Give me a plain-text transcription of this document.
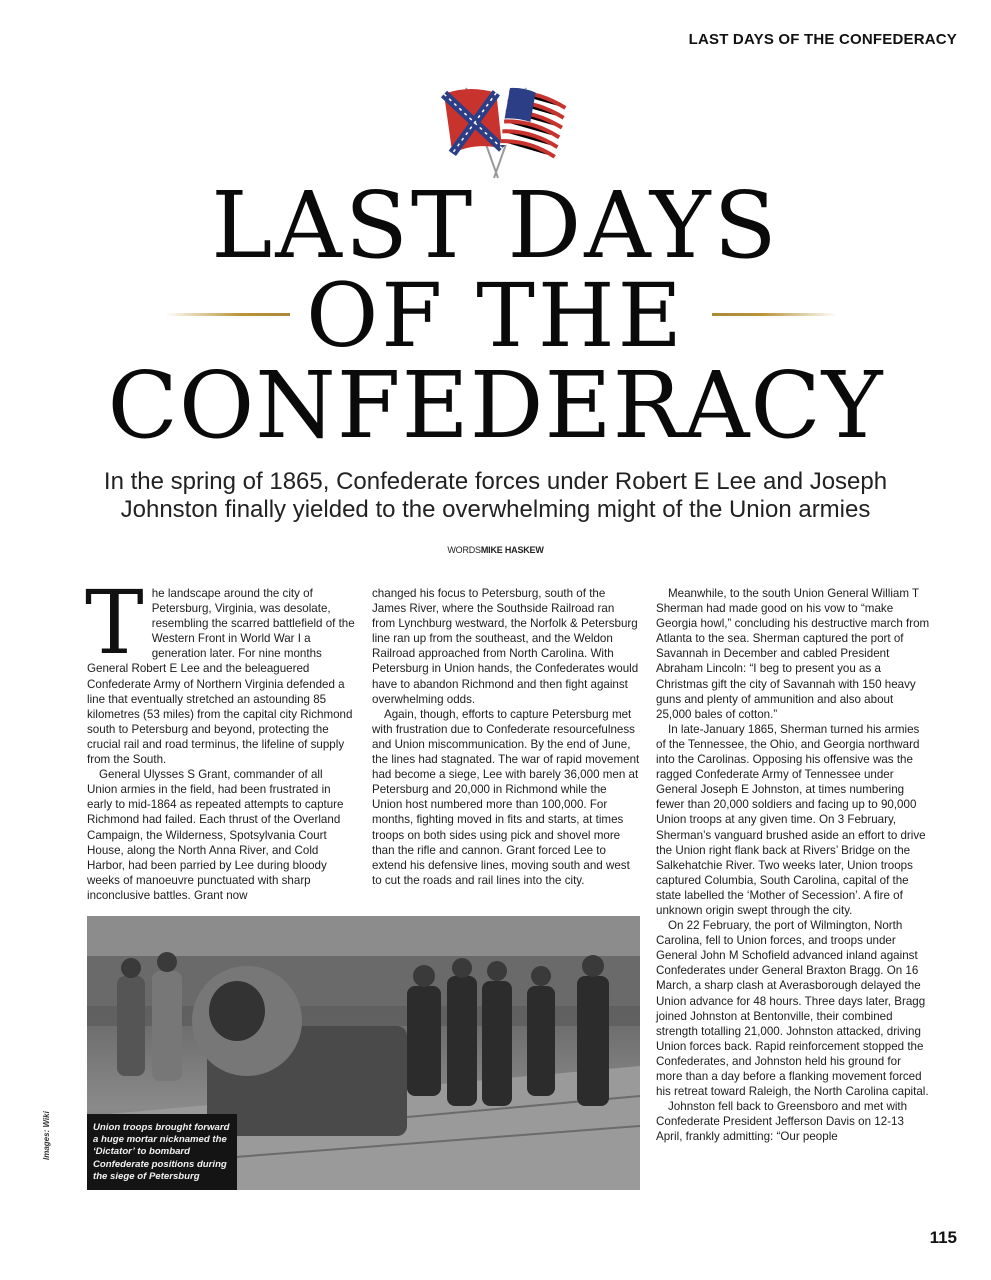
LAST DAYS OF THE CONFEDERACY
LAST DAYS
OF THE
CONFEDERACY
In the spring of 1865, Confederate forces under Robert E Lee and Joseph Johnston finally yielded to the overwhelming might of the Union armies
WORDSMIKE HASKEW

The landscape around the city of Petersburg, Virginia, was desolate, resembling the scarred battlefield of the Western Front in World War I a generation later. For nine months General Robert E Lee and the beleaguered Confederate Army of Northern Virginia defended a line that eventually stretched an astounding 85 kilometres (53 miles) from the capital city Richmond south to Petersburg and beyond, protecting the crucial rail and road terminus, the lifeline of supply from the South.

General Ulysses S Grant, commander of all Union armies in the field, had been frustrated in early to mid-1864 as repeated attempts to capture Richmond had failed. Each thrust of the Overland Campaign, the Wilderness, Spotsylvania Court House, along the North Anna River, and Cold Harbor, had been parried by Lee during bloody weeks of manoeuvre punctuated with sharp inconclusive battles. Grant now

changed his focus to Petersburg, south of the James River, where the Southside Railroad ran from Lynchburg westward, the Norfolk & Petersburg line ran up from the southeast, and the Weldon Railroad approached from North Carolina. With Petersburg in Union hands, the Confederates would have to abandon Richmond and then fight against overwhelming odds.

Again, though, efforts to capture Petersburg met with frustration due to Confederate resourcefulness and Union miscommunication. By the end of June, the lines had stagnated. The war of rapid movement had become a siege, Lee with barely 36,000 men at Petersburg and 20,000 in Richmond while the Union host numbered more than 100,000. For months, fighting moved in fits and starts, at times troops on both sides using pick and shovel more than the rifle and cannon. Grant forced Lee to extend his defensive lines, moving south and west to cut the roads and rail lines into the city.

Meanwhile, to the south Union General William T Sherman had made good on his vow to “make Georgia howl,” concluding his destructive march from Atlanta to the sea. Sherman captured the port of Savannah in December and cabled President Abraham Lincoln: “I beg to present you as a Christmas gift the city of Savannah with 150 heavy guns and plenty of ammunition and also about 25,000 bales of cotton.”

In late-January 1865, Sherman turned his armies of the Tennessee, the Ohio, and Georgia northward into the Carolinas. Opposing his offensive was the ragged Confederate Army of Tennessee under General Joseph E Johnston, at times numbering fewer than 20,000 soldiers and facing up to 90,000 Union troops at any given time. On 3 February, Sherman’s vanguard brushed aside an effort to drive the Union right flank back at Rivers’ Bridge on the Salkehatchie River. Two weeks later, Union troops captured Columbia, South Carolina, capital of the state labelled the ‘Mother of Secession’. A fire of unknown origin swept through the city.

On 22 February, the port of Wilmington, North Carolina, fell to Union forces, and troops under General John M Schofield advanced inland against Confederates under General Braxton Bragg. On 16 March, a sharp clash at Averasborough delayed the Union advance for 48 hours. Three days later, Bragg joined Johnston at Bentonville, their combined strength totalling 21,000. Johnston attacked, driving Union forces back. Rapid reinforcement stopped the Confederates, and Johnston held his ground for more than a day before a flanking movement forced his retreat toward Raleigh, the North Carolina capital.

Johnston fell back to Greensboro and met with Confederate President Jefferson Davis on 12-13 April, frankly admitting: “Our people

Union troops brought forward a huge mortar nicknamed the ‘Dictator’ to bombard Confederate positions during the siege of Petersburg
Images: Wiki
115
